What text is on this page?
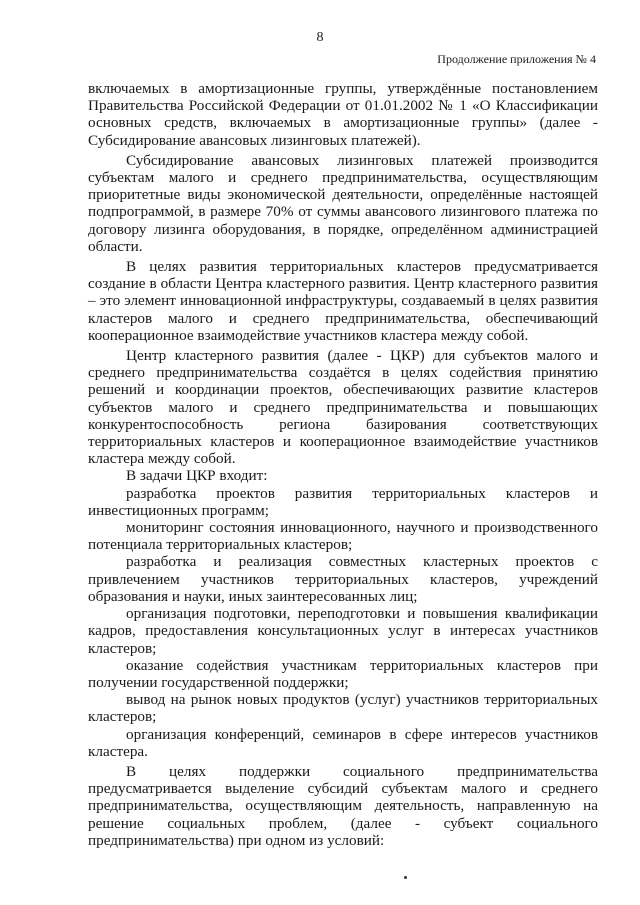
8
Продолжение приложения № 4

включаемых в амортизационные группы, утверждённые постановлением Правительства Российской Федерации от 01.01.2002 № 1 «О Классификации основных средств, включаемых в амортизационные группы» (далее - Субсидирование авансовых лизинговых платежей).

Субсидирование авансовых лизинговых платежей производится субъектам малого и среднего предпринимательства, осуществляющим приоритетные виды экономической деятельности, определённые настоящей подпрограммой, в размере 70% от суммы авансового лизингового платежа по договору лизинга оборудования, в порядке, определённом администрацией области.

В целях развития территориальных кластеров предусматривается создание в области Центра кластерного развития. Центр кластерного развития – это элемент инновационной инфраструктуры, создаваемый в целях развития кластеров малого и среднего предпринимательства, обеспечивающий кооперационное взаимодействие участников кластера между собой.

Центр кластерного развития (далее - ЦКР) для субъектов малого и среднего предпринимательства создаётся в целях содействия принятию решений и координации проектов, обеспечивающих развитие кластеров субъектов малого и среднего предпринимательства и повышающих конкурентоспособность региона базирования соответствующих территориальных кластеров и кооперационное взаимодействие участников кластера между собой.

В задачи ЦКР входит:

разработка проектов развития территориальных кластеров и инвестиционных программ;

мониторинг состояния инновационного, научного и производственного потенциала территориальных кластеров;

разработка и реализация совместных кластерных проектов с привлечением участников территориальных кластеров, учреждений образования и науки, иных заинтересованных лиц;

организация подготовки, переподготовки и повышения квалификации кадров, предоставления консультационных услуг в интересах участников кластеров;

оказание содействия участникам территориальных кластеров при получении государственной поддержки;

вывод на рынок новых продуктов (услуг) участников территориальных кластеров;

организация конференций, семинаров в сфере интересов участников кластера.

В целях поддержки социального предпринимательства предусматривается выделение субсидий субъектам малого и среднего предпринимательства, осуществляющим деятельность, направленную на решение социальных проблем, (далее - субъект социального предпринимательства) при одном из условий:
